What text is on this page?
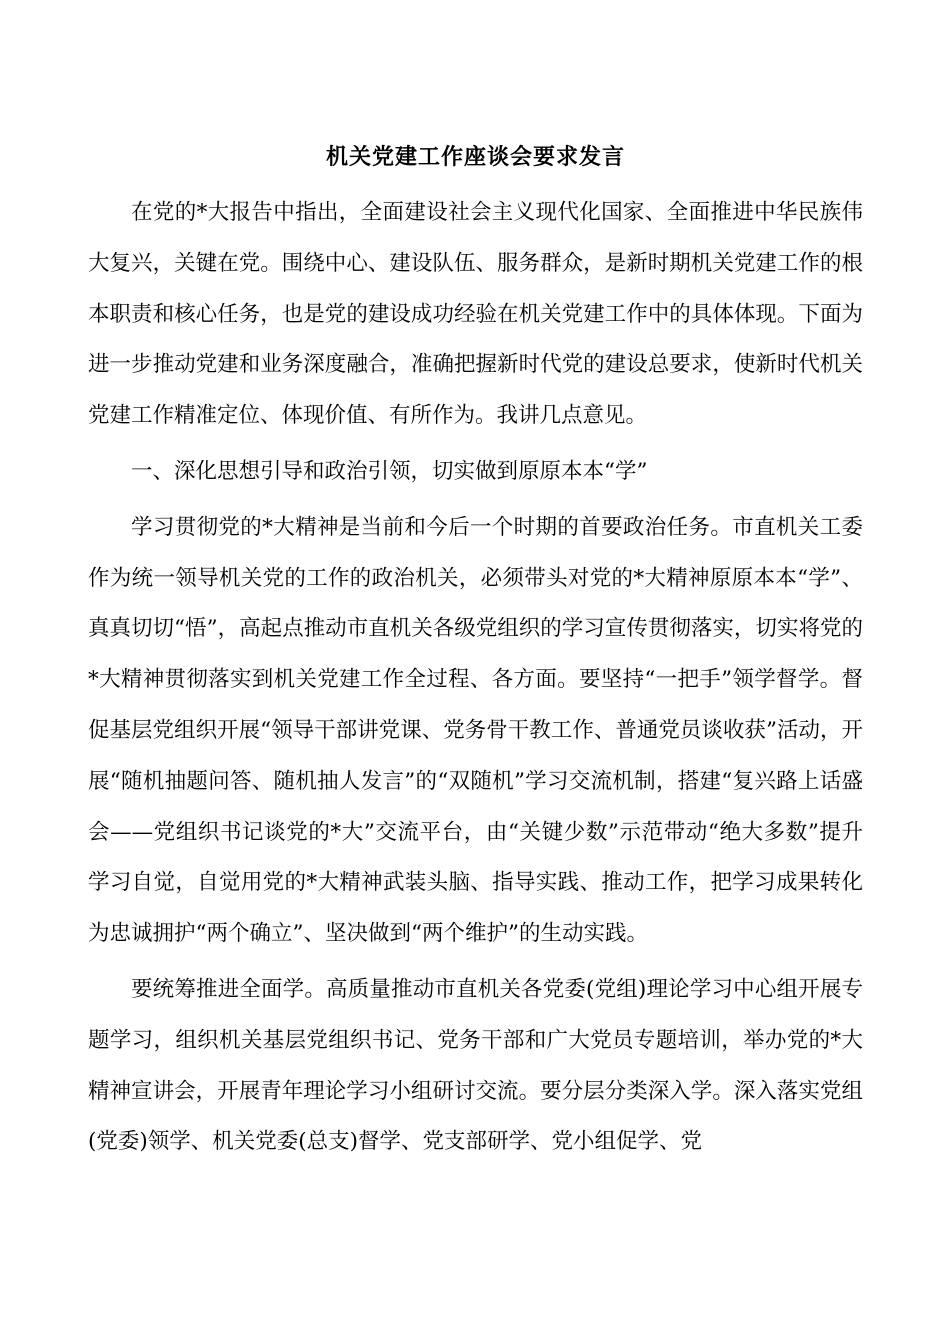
机关党建工作座谈会要求发言

在党的*大报告中指出，全面建设社会主义现代化国家、全面推进中华民族伟大复兴，关键在党。围绕中心、建设队伍、服务群众，是新时期机关党建工作的根本职责和核心任务，也是党的建设成功经验在机关党建工作中的具体体现。下面为进一步推动党建和业务深度融合，准确把握新时代党的建设总要求，使新时代机关党建工作精准定位、体现价值、有所作为。我讲几点意见。

一、深化思想引导和政治引领，切实做到原原本本“学”

学习贯彻党的*大精神是当前和今后一个时期的首要政治任务。市直机关工委作为统一领导机关党的工作的政治机关，必须带头对党的*大精神原原本本“学”、真真切切“悟”，高起点推动市直机关各级党组织的学习宣传贯彻落实，切实将党的*大精神贯彻落实到机关党建工作全过程、各方面。要坚持“一把手”领学督学。督促基层党组织开展“领导干部讲党课、党务骨干教工作、普通党员谈收获”活动，开展“随机抽题问答、随机抽人发言”的“双随机”学习交流机制，搭建“复兴路上话盛会——党组织书记谈党的*大”交流平台，由“关键少数”示范带动“绝大多数”提升学习自觉，自觉用党的*大精神武装头脑、指导实践、推动工作，把学习成果转化为忠诚拥护“两个确立”、坚决做到“两个维护”的生动实践。

要统筹推进全面学。高质量推动市直机关各党委(党组)理论学习中心组开展专题学习，组织机关基层党组织书记、党务干部和广大党员专题培训，举办党的*大精神宣讲会，开展青年理论学习小组研讨交流。要分层分类深入学。深入落实党组(党委)领学、机关党委(总支)督学、党支部研学、党小组促学、党
